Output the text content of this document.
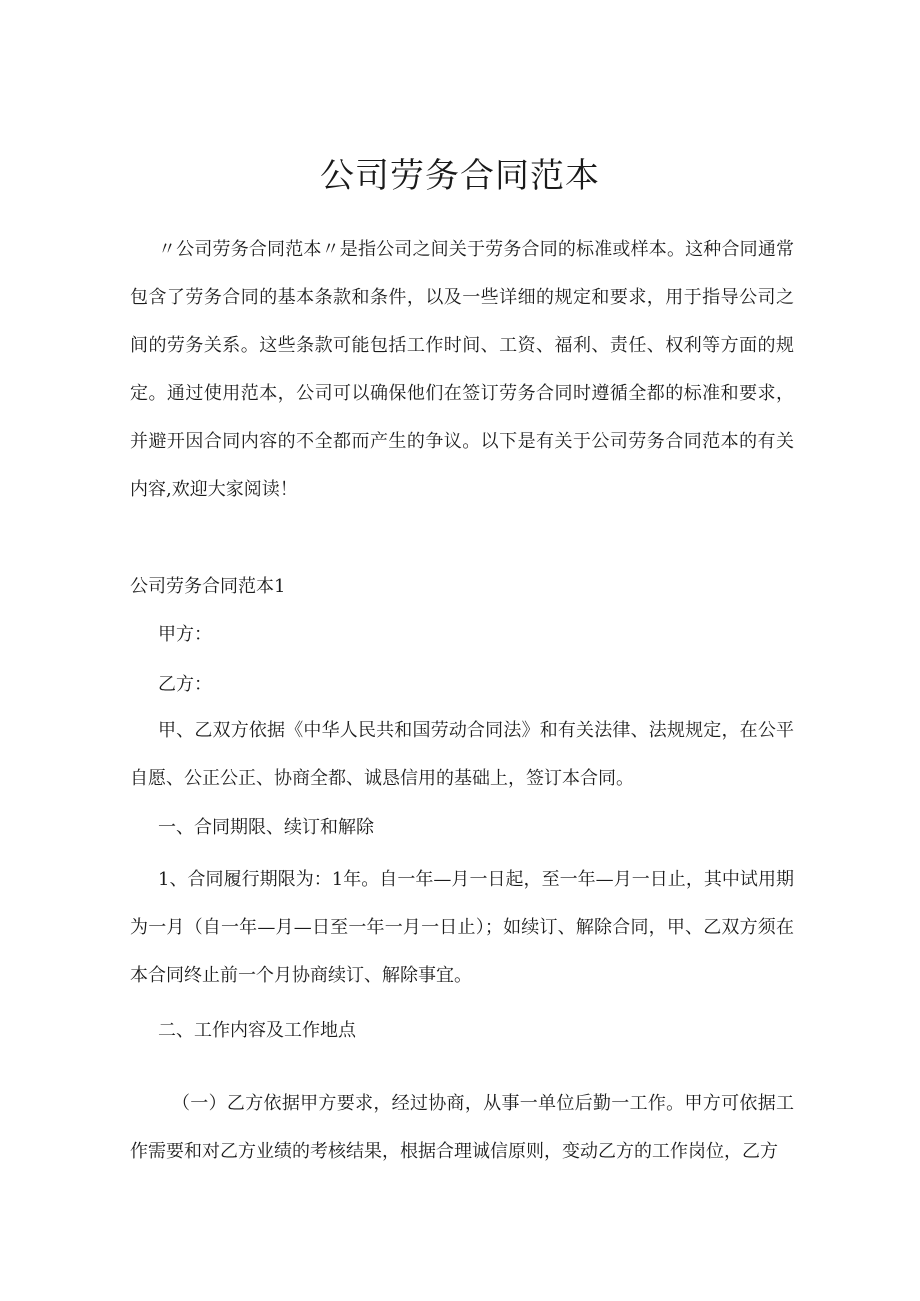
公司劳务合同范本

〃公司劳务合同范本〃是指公司之间关于劳务合同的标准或样本。这种合同通常包含了劳务合同的基本条款和条件，以及一些详细的规定和要求，用于指导公司之间的劳务关系。这些条款可能包括工作时间、工资、福利、责任、权利等方面的规定。通过使用范本，公司可以确保他们在签订劳务合同时遵循全都的标准和要求，并避开因合同内容的不全都而产生的争议。以下是有关于公司劳务合同范本的有关内容,欢迎大家阅读！

公司劳务合同范本1

甲方：

乙方：

甲、乙双方依据《中华人民共和国劳动合同法》和有关法律、法规规定，在公平自愿、公正公正、协商全都、诚恳信用的基础上，签订本合同。

一、合同期限、续订和解除

1、合同履行期限为：1年。自一年—月一日起，至一年—月一日止，其中试用期为一月（自一年—月—日至一年一月一日止）；如续订、解除合同，甲、乙双方须在本合同终止前一个月协商续订、解除事宜。

二、工作内容及工作地点

（一）乙方依据甲方要求，经过协商，从事一单位后勤一工作。甲方可依据工作需要和对乙方业绩的考核结果，根据合理诚信原则，变动乙方的工作岗位，乙方
